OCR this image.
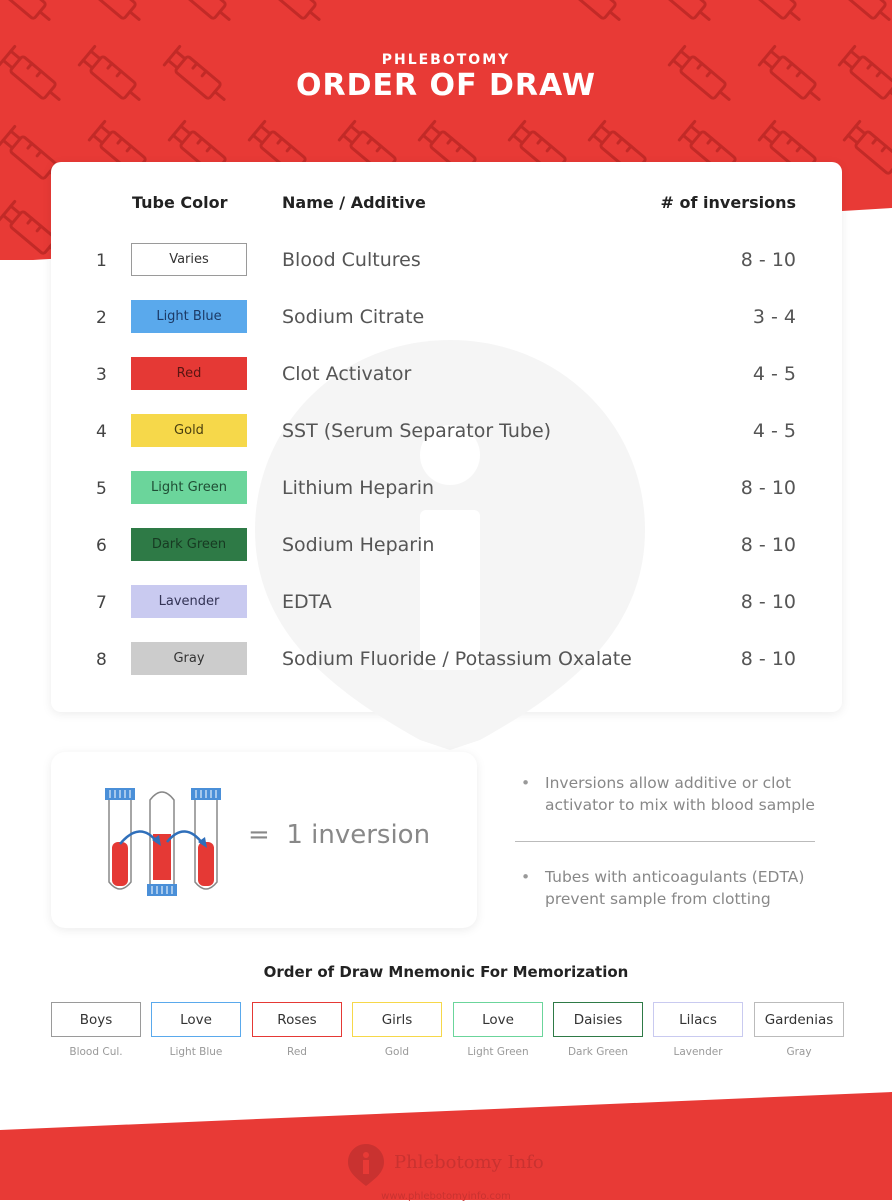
PHLEBOTOMY
ORDER OF DRAW
Tube Color	Name / Additive	# of inversions
1	Varies	Blood Cultures	8 - 10
2	Light Blue	Sodium Citrate	3 - 4
3	Red	Clot Activator	4 - 5
4	Gold	SST (Serum Separator Tube)	4 - 5
5	Light Green	Lithium Heparin	8 - 10
6	Dark Green	Sodium Heparin	8 - 10
7	Lavender	EDTA	8 - 10
8	Gray	Sodium Fluoride / Potassium Oxalate	8 - 10
= 1 inversion
• Inversions allow additive or clot activator to mix with blood sample
• Tubes with anticoagulants (EDTA) prevent sample from clotting
Order of Draw Mnemonic For Memorization
Boys
Blood Cul.
Love
Light Blue
Roses
Red
Girls
Gold
Love
Light Green
Daisies
Dark Green
Lilacs
Lavender
Gardenias
Gray
Phlebotomy Info
www.phlebotomyinfo.com
